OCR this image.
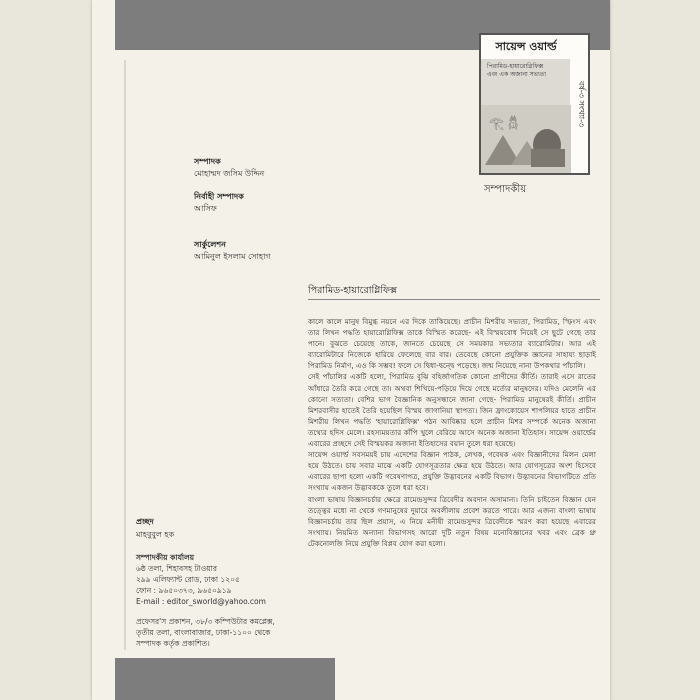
সায়েন্স ওয়ার্ল্ড
পিরামিড-হায়ারোগ্লিফিক্স
এবং এক অজানা সভ্যতা
বর্ষ-৩ সংখ্যা-৩
𓂀 𓆣
সম্পাদকীয়
সম্পাদক
মোহাম্মদ জসিম উদ্দিন
নির্বাহী সম্পাদক
আসিফ
সার্কুলেশন
আমিনুল ইসলাম সোহাগ
প্রচ্ছদ
মাহবুবুল হক
সম্পাদকীয় কার্যালয়
৬ষ্ঠ তলা, শিহাবসহ টাওয়ার
২৯৯ এলিফ্যান্ট রোড, ঢাকা ১২০৫
ফোন : ৯৬৫০৩৭৩, ৯৬৫০৯১৯
E-mail : editor_sworld@yahoo.com
প্রফেসর'স প্রকাশন, ৩৮/৩ কম্পিউটার কমপ্লেক্স,
তৃতীয় তলা, বাংলাবাজার, ঢাকা-১১০০ থেকে
সম্পাদক কর্তৃক প্রকাশিত।
পিরামিড-হায়ারোগ্লিফিক্স

কালে কালে মানুষ বিমুগ্ধ নয়নে এর দিকে তাকিয়েছে। প্রাচীন মিশরীয় সভ্যতা, পিরামিড, স্ফিংস এবং তার লিখন পদ্ধতি হায়ারোগ্লিফিক্স তাকে বিস্মিত করেছে- এই বিস্ময়বোধ নিয়েই সে ছুটে গেছে তার পানে। বুঝতে চেয়েছে তাকে, জানতে চেয়েছে সে সময়কার সভ্যতার ব্যারোমিটার। আর এই ব্যারোমিটারে নিজেকে হারিয়ে ফেলেছে বার বার। তেবেছে কোনো প্রযুক্তিক জ্ঞানের সাহায্য ছাড়াই পিরামিড নির্মাণ, এও কি সম্ভব! ফলে সে দ্বিধা-দ্বন্দ্বে পড়েছে। জন্ম নিয়েছে নানা উপকথার পাঁচালি।

সেই পাঁচালির একটি হলো, পিরামিড বুঝি বহির্জাগতিক কোনো প্রাণীদের কীর্তি। তারাই এসে রাতের আঁধারে তৈরি করে গেছে তা। অথবা শিখিয়ে-পড়িয়ে দিয়ে গেছে মর্ত্যের মানুষদের। যদিও মেলেনি এর কোনো সত্যতা। বেশির ভাগ বৈজ্ঞানিক অনুসন্ধানে জানা গেছে- পিরামিড মানুষেরই কীর্তি। প্রাচীন মিশরবাসীর হাতেই তৈরি হয়েছিল বিস্ময় জাগানিয়া স্থাপত্য। জিন ফ্রাংকোয়েস শাপলিয়র হাতে প্রাচীন মিশরীয় লিখন পদ্ধতি 'হায়ারোগ্লিফিক্স' পঠন আবিষ্কার হলে প্রাচীন মিশর সম্পর্কে অনেক অজানা তথ্যের হদিস মেলে। রহস্যময়তার কাঁপি খুলে বেরিয়ে আসে অনেক অজানা ইতিহাস। সায়েন্স ওয়ার্ল্ডের এবারের প্রচ্ছদে সেই বিস্ময়কর অজানা ইতিহাসের বয়ান তুলে ধরা হয়েছে।

সায়েন্স ওয়ার্ল্ড সবসময়ই চায় এদেশের বিজ্ঞান পাঠক, লেখক, গবেষক এবং বিজ্ঞানীদের মিলন মেলা হয়ে উঠতে। চায় সবার মাঝে একটি যোগসূত্রতার ক্ষেত্র হয়ে উঠতে। আর যোগসূত্রের অংশ হিসেবে এবারের ছাপা হলো একটি গবেষণাপত্র, প্রযুক্তি উদ্ভাবনের একটি বিভাগ। উদ্ভাবনের বিভাগটিতে প্রতি সংখ্যায় একজন উদ্ভাবককে তুলে ধরা হবে।

বাংলা ভাষায় বিজ্ঞানচর্চার ক্ষেত্রে রামেন্দ্রসুন্দর ত্রিবেদীর অবদান অসামান্য। তিনি চাইতেন বিজ্ঞান যেন তত্ত্বের মধ্যে না থেকে গণমানুষের দুয়ারে অবলীলায় প্রবেশ করতে পারে। আর এজন্য বাংলা ভাষায় বিজ্ঞানচর্চায় তার ছিল প্রয়াস, এ নিয়ে মনীষী রামেন্দ্রসুন্দর ত্রিবেদীকে স্মরণ করা হয়েছে এবারের সংখ্যায়। নিয়মিত অন্যান্য বিভাগসহ আরো দুটি নতুন বিষয় মনোবিজ্ঞানের খবর এবং ব্রেক থ্রু টেকনোলজি নিয়ে প্রযুক্তি বিপ্লব যোগ করা হলো।
